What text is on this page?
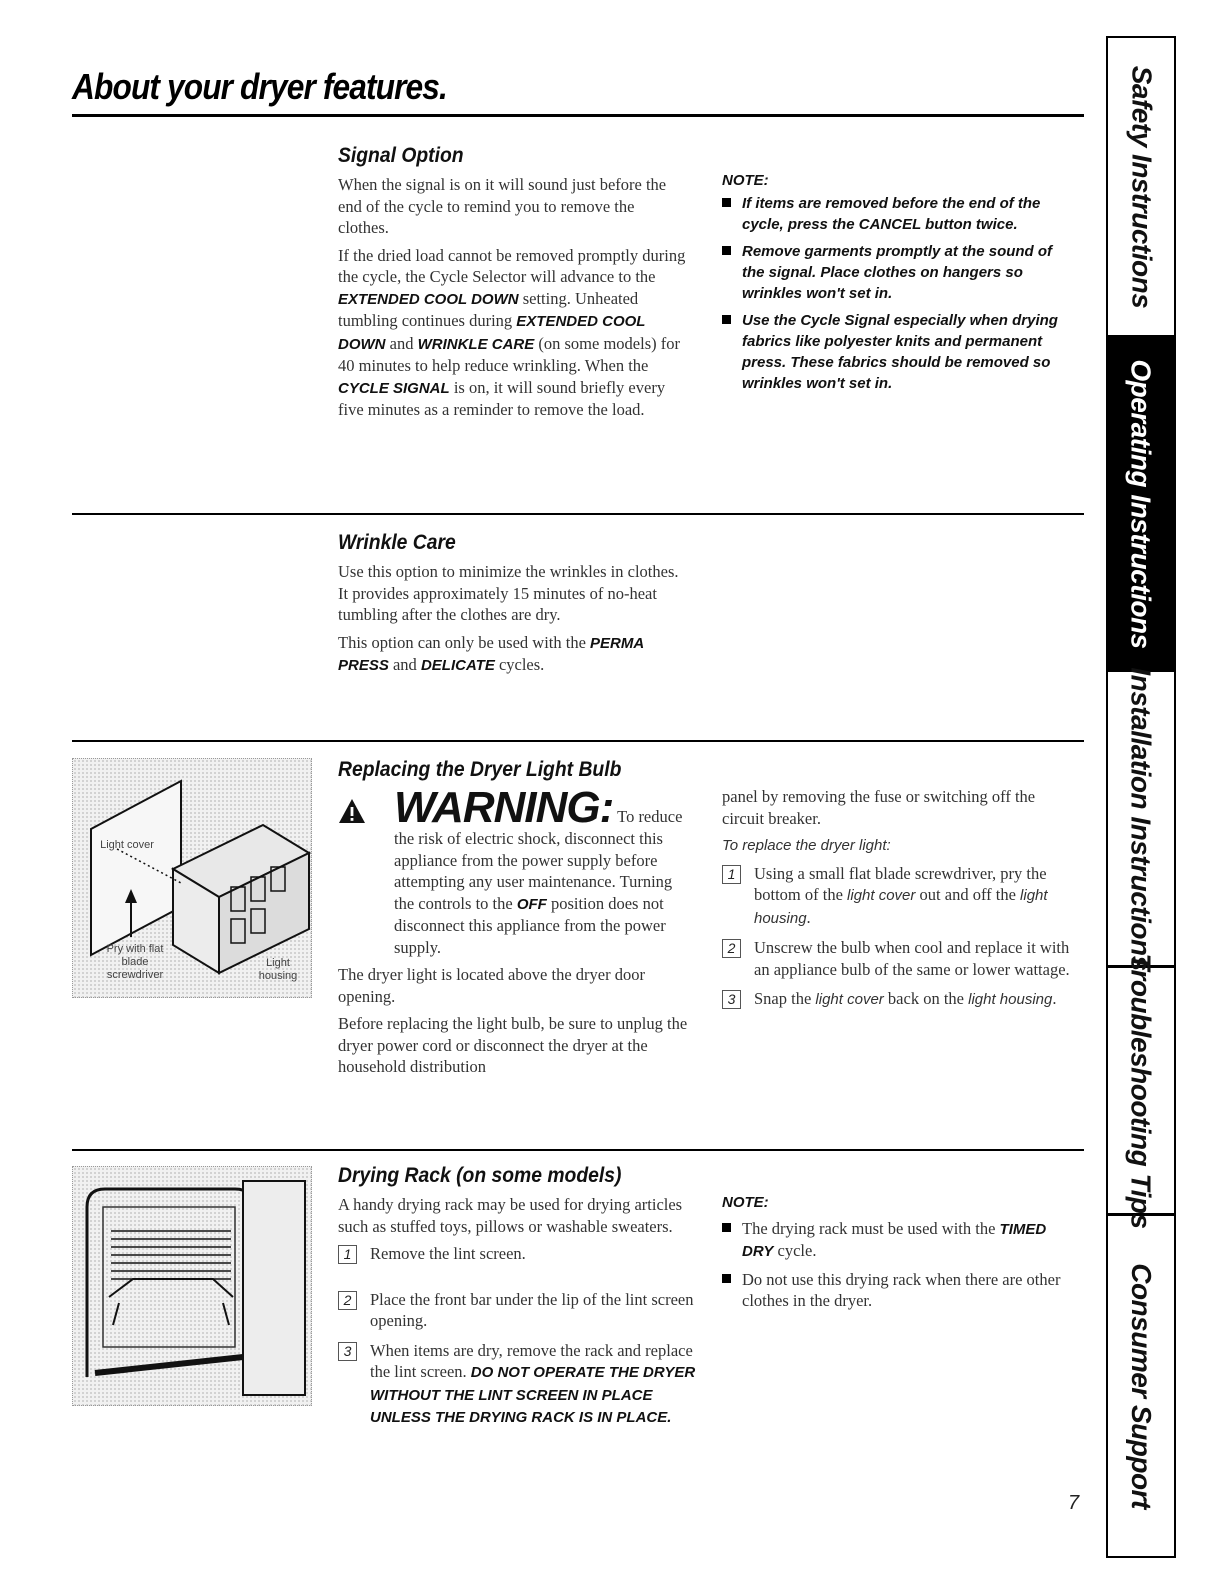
About your dryer features.
Signal Option

When the signal is on it will sound just before the end of the cycle to remind you to remove the clothes.

If the dried load cannot be removed promptly during the cycle, the Cycle Selector will advance to the EXTENDED COOL DOWN setting. Unheated tumbling continues during EXTENDED COOL DOWN and WRINKLE CARE (on some models) for 40 minutes to help reduce wrinkling. When the CYCLE SIGNAL is on, it will sound briefly every five minutes as a reminder to remove the load.

NOTE:
If items are removed before the end of the cycle, press the CANCEL button twice.
Remove garments promptly at the sound of the signal. Place clothes on hangers so wrinkles won't set in.
Use the Cycle Signal especially when drying fabrics like polyester knits and permanent press. These fabrics should be removed so wrinkles won't set in.
Wrinkle Care

Use this option to minimize the wrinkles in clothes. It provides approximately 15 minutes of no-heat tumbling after the clothes are dry.

This option can only be used with the PERMA PRESS and DELICATE cycles.

Light cover
Pry with flat blade screwdriver
Light housing
Replacing the Dryer Light Bulb
WARNING: To reduce the risk of electric shock, disconnect this appliance from the power supply before attempting any user maintenance. Turning the controls to the OFF position does not disconnect this appliance from the power supply.

The dryer light is located above the dryer door opening.

Before replacing the light bulb, be sure to unplug the dryer power cord or disconnect the dryer at the household distribution

panel by removing the fuse or switching off the circuit breaker.

To replace the dryer light:

1	Using a small flat blade screwdriver, pry the bottom of the light cover out and off the light housing.
2	Unscrew the bulb when cool and replace it with an appliance bulb of the same or lower wattage.
3	Snap the light cover back on the light housing.
Drying Rack (on some models)

A handy drying rack may be used for drying articles such as stuffed toys, pillows or washable sweaters.

1	Remove the lint screen.
2	Place the front bar under the lip of the lint screen opening.
3	When items are dry, remove the rack and replace the lint screen. DO NOT OPERATE THE DRYER WITHOUT THE LINT SCREEN IN PLACE UNLESS THE DRYING RACK IS IN PLACE.
NOTE:
The drying rack must be used with the TIMED DRY cycle.
Do not use this drying rack when there are other clothes in the dryer.
Safety Instructions
Operating Instructions
Installation Instructions
Troubleshooting Tips
Consumer Support
7
